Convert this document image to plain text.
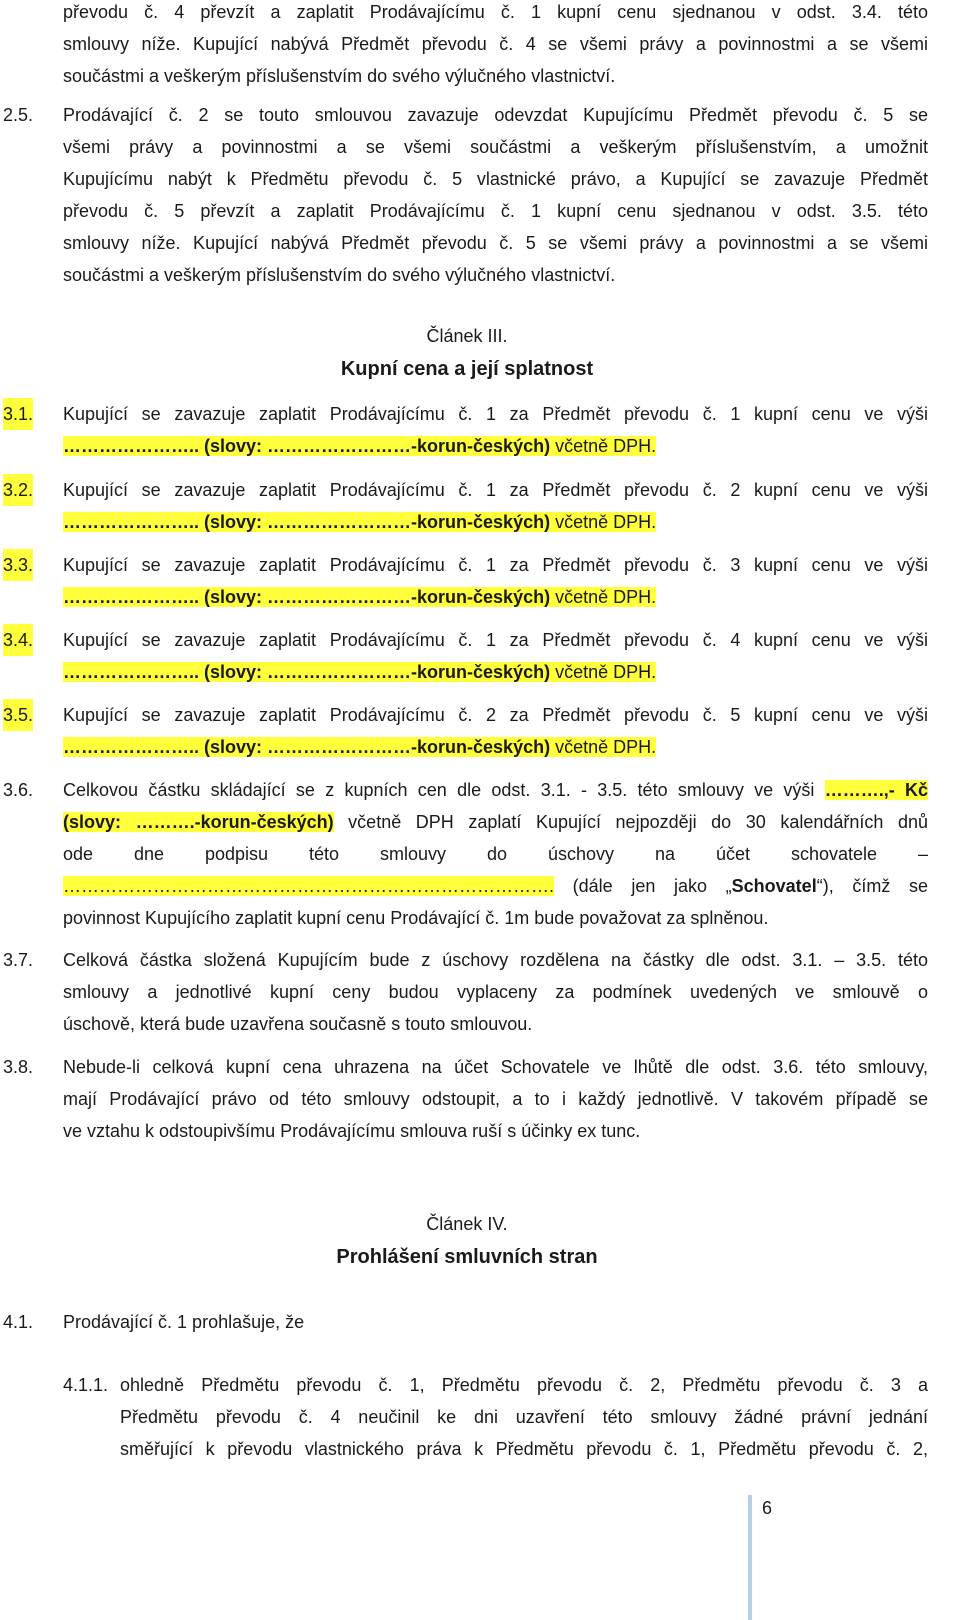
převodu č. 4 převzít a zaplatit Prodávajícímu č. 1 kupní cenu sjednanou v odst. 3.4. této
smlouvy níže. Kupující nabývá Předmět převodu č. 4 se všemi právy a povinnostmi a se všemi
součástmi a veškerým příslušenstvím do svého výlučného vlastnictví.
2.5. Prodávající č. 2 se touto smlouvou zavazuje odevzdat Kupujícímu Předmět převodu č. 5 se
všemi právy a povinnostmi a se všemi součástmi a veškerým příslušenstvím, a umožnit
Kupujícímu nabýt k Předmětu převodu č. 5 vlastnické právo, a Kupující se zavazuje Předmět
převodu č. 5 převzít a zaplatit Prodávajícímu č. 1 kupní cenu sjednanou v odst. 3.5. této
smlouvy níže. Kupující nabývá Předmět převodu č. 5 se všemi právy a povinnostmi a se všemi
součástmi a veškerým příslušenstvím do svého výlučného vlastnictví.
Článek III.
Kupní cena a její splatnost
3.1. Kupující se zavazuje zaplatit Prodávajícímu č. 1 za Předmět převodu č. 1 kupní cenu ve výši
………………….. (slovy: ……………………-korun-českých) včetně DPH.
3.2. Kupující se zavazuje zaplatit Prodávajícímu č. 1 za Předmět převodu č. 2 kupní cenu ve výši
………………….. (slovy: ……………………-korun-českých) včetně DPH.
3.3. Kupující se zavazuje zaplatit Prodávajícímu č. 1 za Předmět převodu č. 3 kupní cenu ve výši
………………….. (slovy: ……………………-korun-českých) včetně DPH.
3.4. Kupující se zavazuje zaplatit Prodávajícímu č. 1 za Předmět převodu č. 4 kupní cenu ve výši
………………….. (slovy: ……………………-korun-českých) včetně DPH.
3.5. Kupující se zavazuje zaplatit Prodávajícímu č. 2 za Předmět převodu č. 5 kupní cenu ve výši
………………….. (slovy: ……………………-korun-českých) včetně DPH.
3.6. Celkovou částku skládající se z kupních cen dle odst. 3.1. - 3.5. této smlouvy ve výši ……….,- Kč
(slovy: ……….-korun-českých) včetně DPH zaplatí Kupující nejpozději do 30 kalendářních dnů
ode dne podpisu této smlouvy do úschovy na účet schovatele –
………………………………………………………………………. (dále jen jako „Schovatel“), čímž se
povinnost Kupujícího zaplatit kupní cenu Prodávající č. 1m bude považovat za splněnou.
3.7. Celková částka složená Kupujícím bude z úschovy rozdělena na částky dle odst. 3.1. – 3.5. této
smlouvy a jednotlivé kupní ceny budou vyplaceny za podmínek uvedených ve smlouvě o
úschově, která bude uzavřena současně s touto smlouvou.
3.8. Nebude-li celková kupní cena uhrazena na účet Schovatele ve lhůtě dle odst. 3.6. této smlouvy,
mají Prodávající právo od této smlouvy odstoupit, a to i každý jednotlivě. V takovém případě se
ve vztahu k odstoupivšímu Prodávajícímu smlouva ruší s účinky ex tunc.
Článek IV.
Prohlášení smluvních stran
4.1. Prodávající č. 1 prohlašuje, že
4.1.1. ohledně Předmětu převodu č. 1, Předmětu převodu č. 2, Předmětu převodu č. 3 a
Předmětu převodu č. 4 neučinil ke dni uzavření této smlouvy žádné právní jednání
směřující k převodu vlastnického práva k Předmětu převodu č. 1, Předmětu převodu č. 2,
6
